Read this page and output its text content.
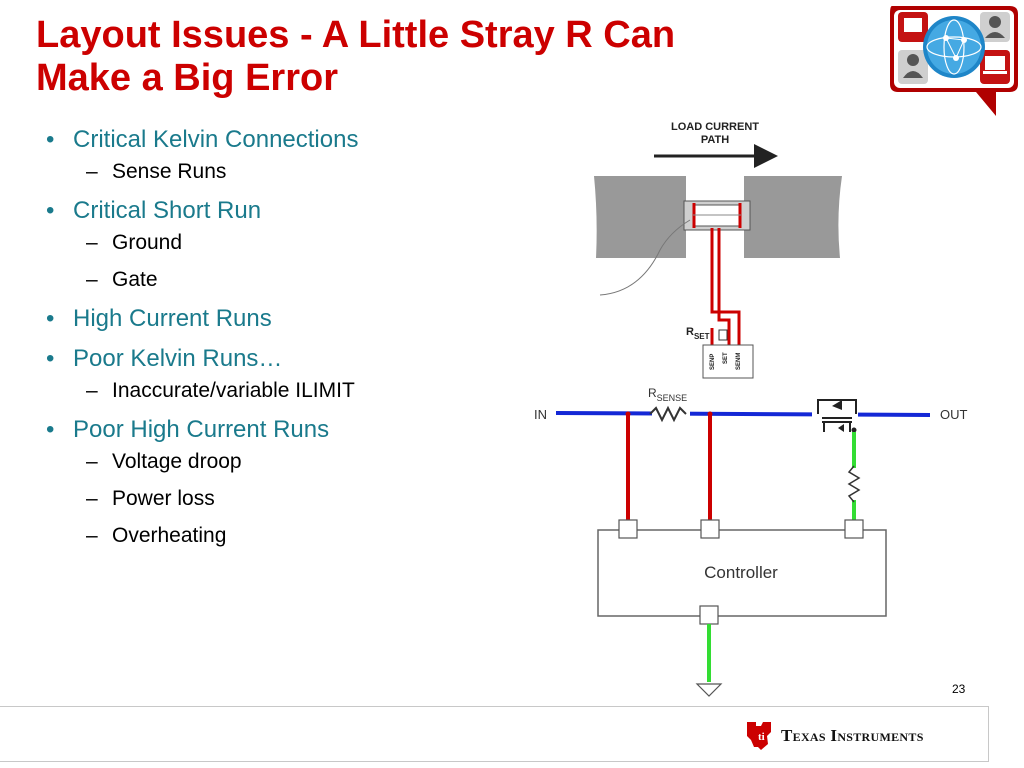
Layout Issues - A Little Stray R Can
Make a Big Error
• Critical Kelvin Connections
– Sense Runs
• Critical Short Run
– Ground
– Gate
• High Current Runs
• Poor Kelvin Runs…
– Inaccurate/variable ILIMIT
• Poor High Current Runs
– Voltage droop
– Power loss
– Overheating
LOAD CURRENT
PATH
$R_{SET}$
SENP SET SENM
IN	OUT
$R_{SENSE}$
Controller
23
ti Texas Instruments
